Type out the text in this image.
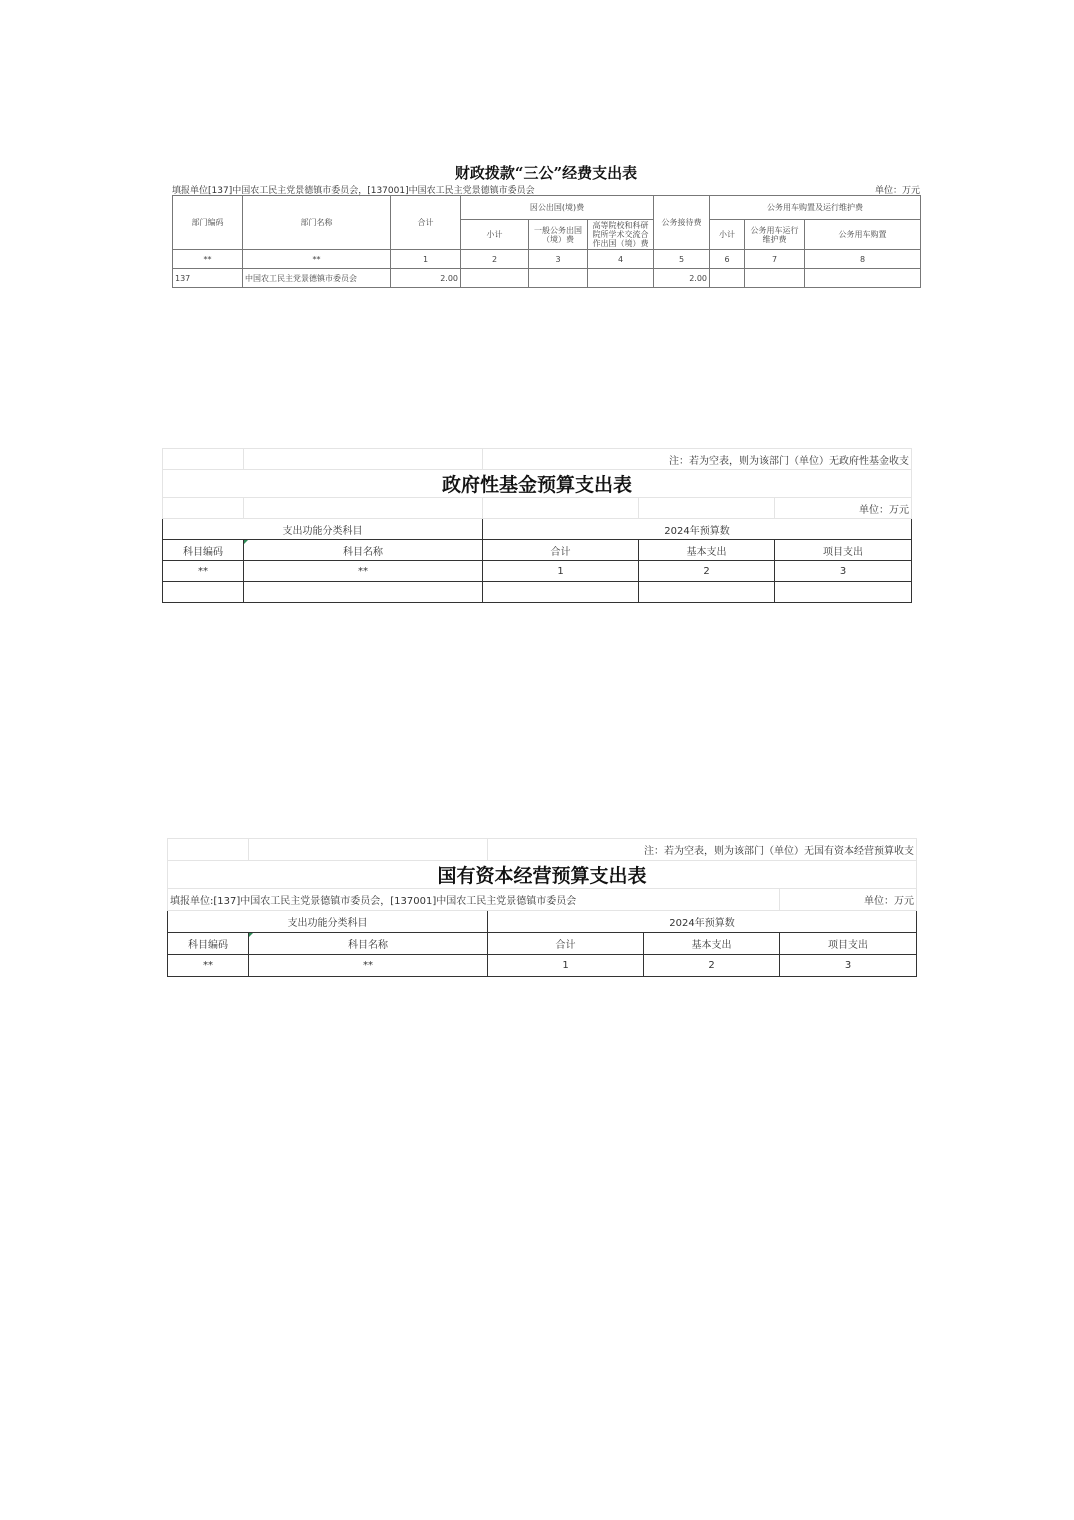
财政拨款“三公”经费支出表
填报单位[137]中国农工民主党景德镇市委员会，[137001]中国农工民主党景德镇市委员会	单位：万元
部门编码	部门名称	合计	因公出国(境)费			公务接待费	公务用车购置及运行维护费		
			小计	一般公务出国（境）费	高等院校和科研院所学术交流合作出国（境）费		小计	公务用车运行维护费	公务用车购置
**	**	1	2	3	4	5	6	7	8
137	中国农工民主党景德镇市委员会	2.00				2.00			
		注：若为空表，则为该部门（单位）无政府性基金收支		
政府性基金预算支出表				
				单位：万元
支出功能分类科目		2024年预算数		
科目编码	科目名称	合计	基本支出	项目支出
**	**	1	2	3

		注：若为空表，则为该部门（单位）无国有资本经营预算收支		
国有资本经营预算支出表				
填报单位:[137]中国农工民主党景德镇市委员会，[137001]中国农工民主党景德镇市委员会				单位：万元
支出功能分类科目		2024年预算数		
科目编码	科目名称	合计	基本支出	项目支出
**	**	1	2	3
